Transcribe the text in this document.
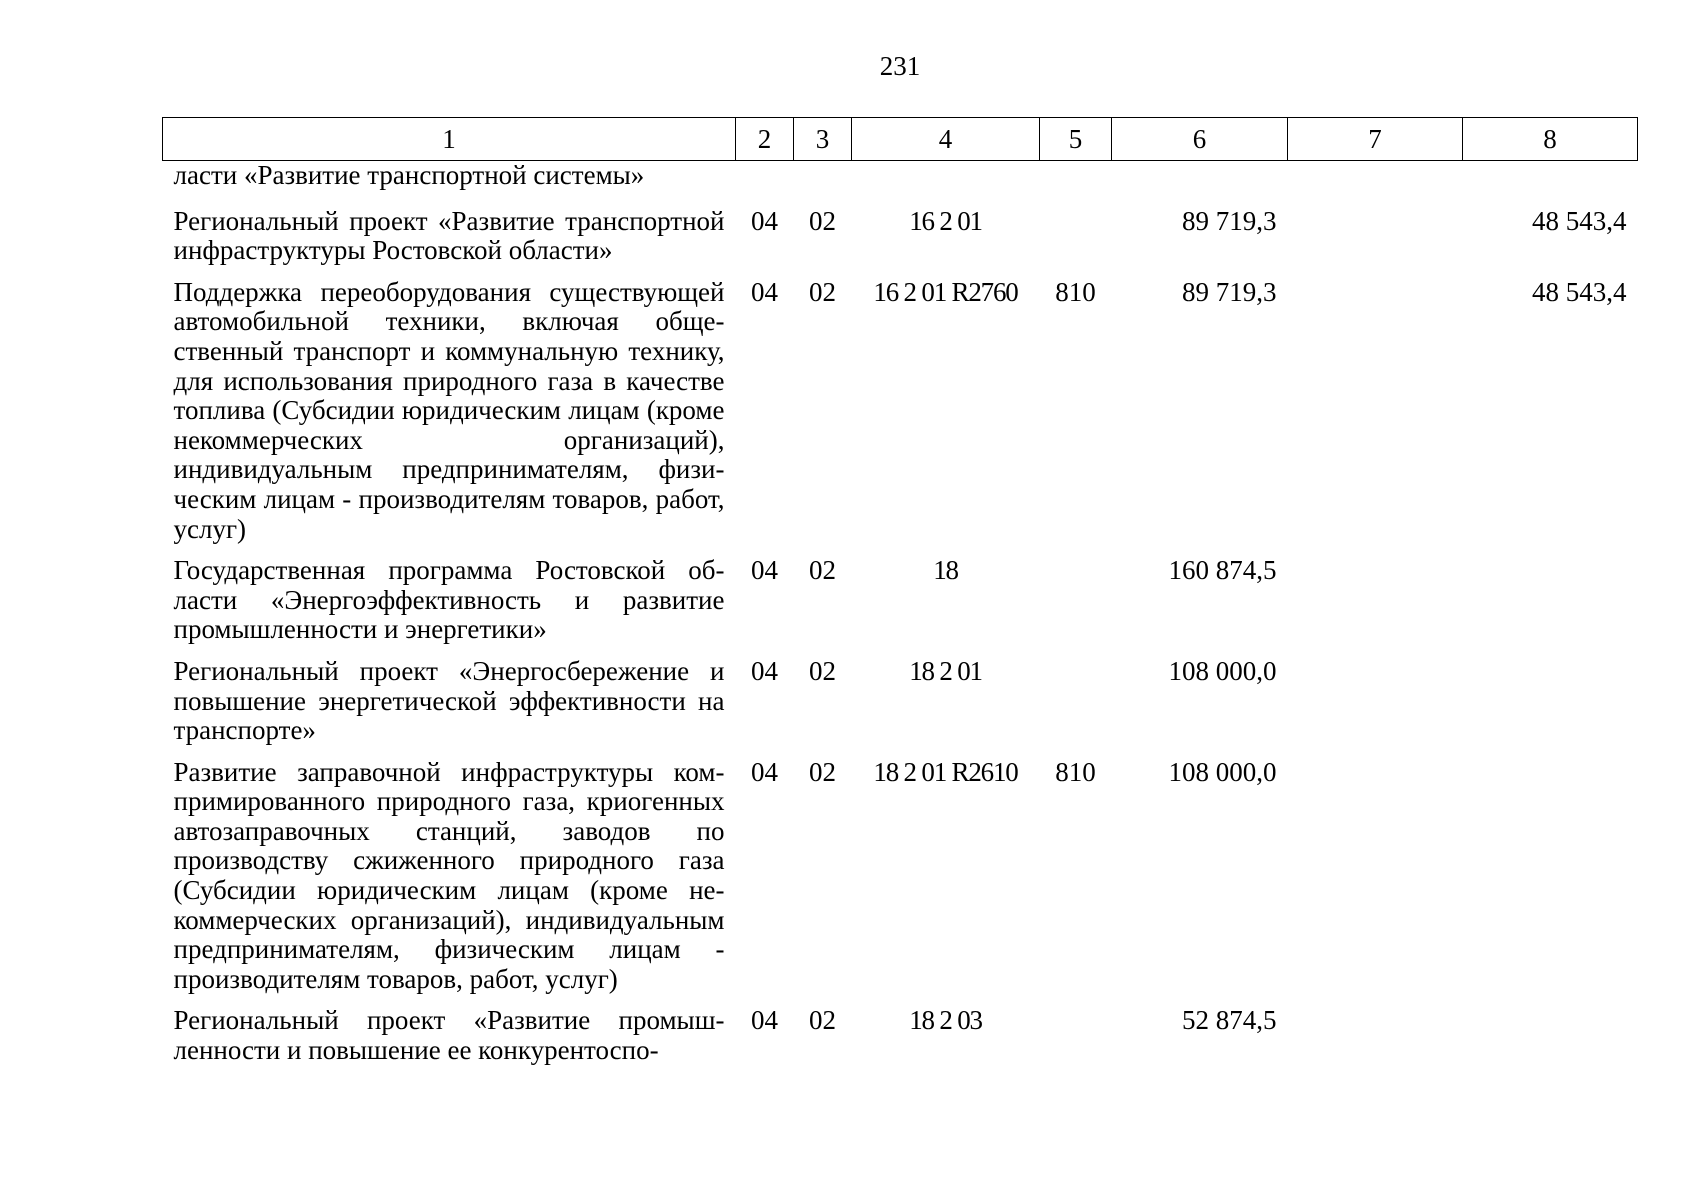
231
1	2	3	4	5	6	7	8
ласти «Развитие транспортной системы»							
Региональный проект «Развитие транспортной инфраструктуры Ростовской области»	04	02	16 2 01		89 719,3		48 543,4
Поддержка переоборудования существующей автомобильной техники, включая общественный транспорт и коммунальную технику, для использования природного газа в качестве топлива (Субсидии юридическим лицам (кроме некоммерческих организаций), индивидуальным предпринимателям, физическим лицам - производителям товаров, работ, услуг)	04	02	16 2 01 R2760	810	89 719,3		48 543,4
Государственная программа Ростовской области «Энергоэффективность и развитие промышленности и энергетики»	04	02	18		160 874,5		
Региональный проект «Энергосбережение и повышение энергетической эффективности на транспорте»	04	02	18 2 01		108 000,0		
Развитие заправочной инфраструктуры компримированного природного газа, криогенных автозаправочных станций, заводов по производству сжиженного природного газа (Субсидии юридическим лицам (кроме некоммерческих организаций), индивидуальным предпринимателям, физическим лицам - производителям товаров, работ, услуг)	04	02	18 2 01 R2610	810	108 000,0		
Региональный проект «Развитие промышленности и повышение ее конкурентоспо-	04	02	18 2 03		52 874,5		
